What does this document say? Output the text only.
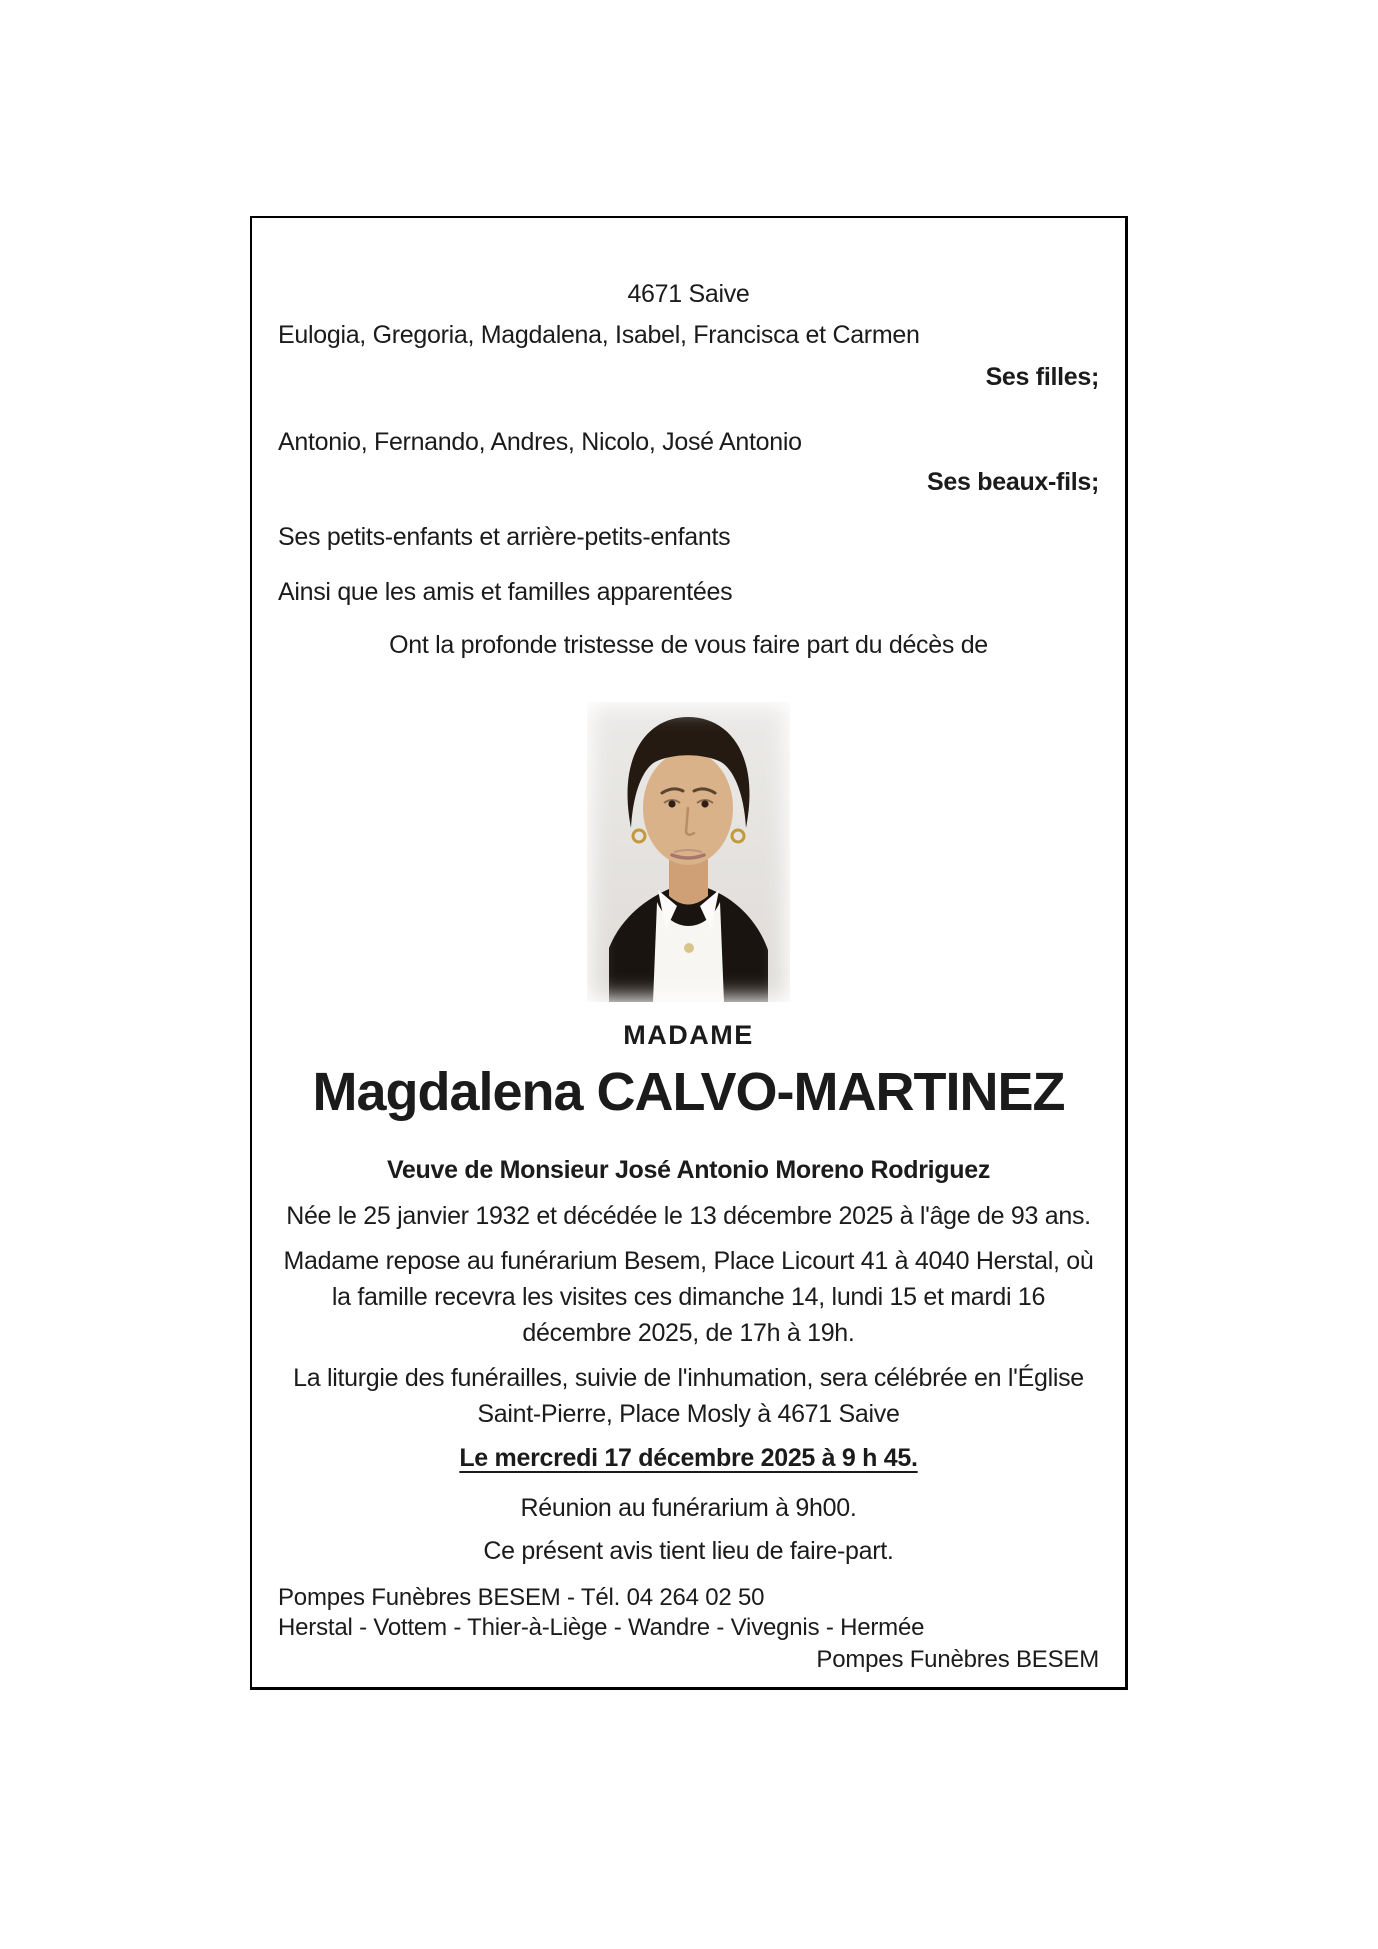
4671 Saive

Eulogia, Gregoria, Magdalena, Isabel, Francisca et Carmen

Ses filles;

Antonio, Fernando, Andres, Nicolo, José Antonio

Ses beaux-fils;

Ses petits-enfants et arrière-petits-enfants

Ainsi que les amis et familles apparentées

Ont la profonde tristesse de vous faire part du décès de

MADAME

Magdalena CALVO-MARTINEZ

Veuve de Monsieur José Antonio Moreno Rodriguez

Née le 25 janvier 1932 et décédée le 13 décembre 2025 à l'âge de 93 ans.

Madame repose au funérarium Besem, Place Licourt 41 à 4040 Herstal, où

la famille recevra les visites ces dimanche 14, lundi 15 et mardi 16

décembre 2025, de 17h à 19h.

La liturgie des funérailles, suivie de l'inhumation, sera célébrée en l'Église

Saint-Pierre, Place Mosly à 4671 Saive

Le mercredi 17 décembre 2025 à 9 h 45.

Réunion au funérarium à 9h00.

Ce présent avis tient lieu de faire-part.

Pompes Funèbres BESEM - Tél. 04 264 02 50

Herstal - Vottem - Thier-à-Liège - Wandre - Vivegnis - Hermée

Pompes Funèbres BESEM
